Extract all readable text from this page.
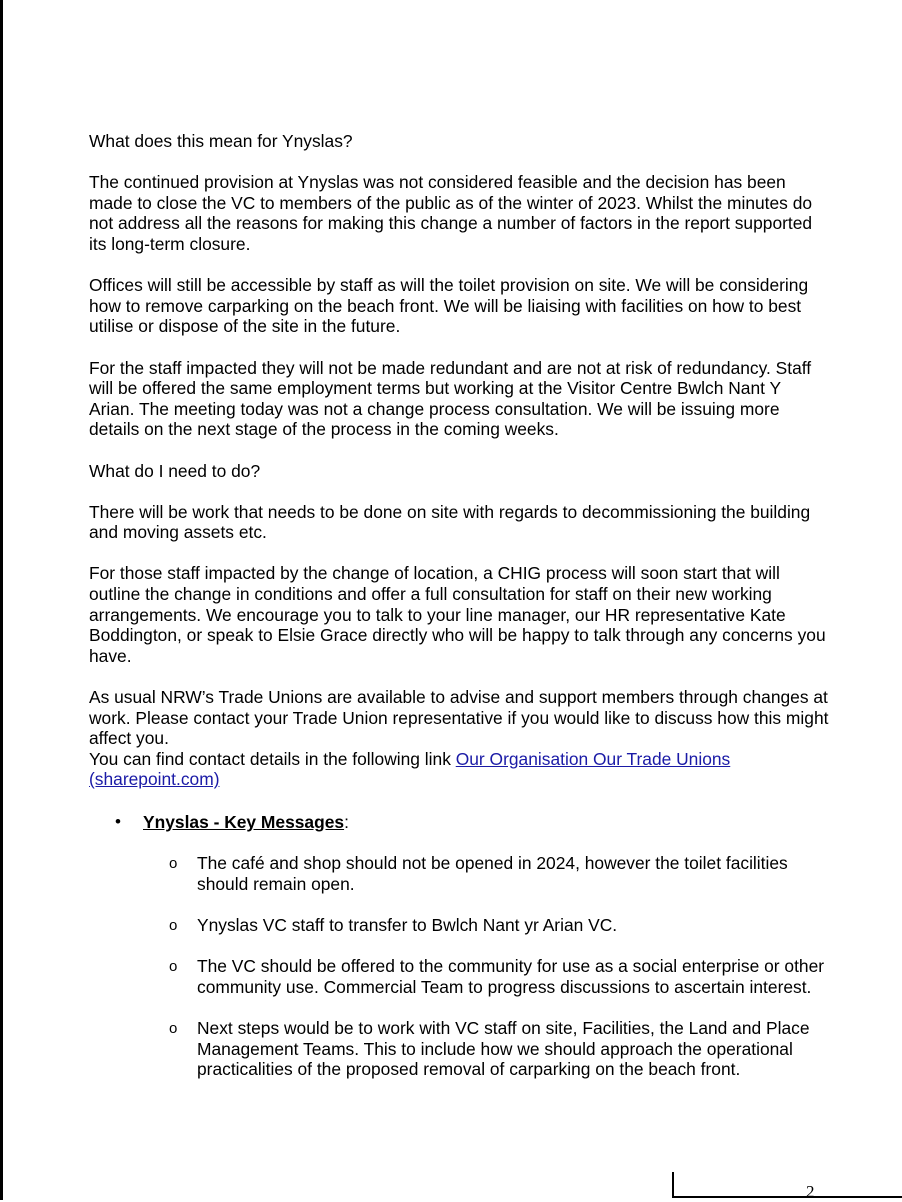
What does this mean for Ynyslas?

The continued provision at Ynyslas was not considered feasible and the decision has been made to close the VC to members of the public as of the winter of 2023. Whilst the minutes do not address all the reasons for making this change a number of factors in the report supported its long-term closure.

Offices will still be accessible by staff as will the toilet provision on site. We will be considering how to remove carparking on the beach front. We will be liaising with facilities on how to best utilise or dispose of the site in the future.

For the staff impacted they will not be made redundant and are not at risk of redundancy. Staff will be offered the same employment terms but working at the Visitor Centre Bwlch Nant Y Arian. The meeting today was not a change process consultation. We will be issuing more details on the next stage of the process in the coming weeks.

What do I need to do?

There will be work that needs to be done on site with regards to decommissioning the building and moving assets etc.

For those staff impacted by the change of location, a CHIG process will soon start that will outline the change in conditions and offer a full consultation for staff on their new working arrangements. We encourage you to talk to your line manager, our HR representative Kate Boddington, or speak to Elsie Grace directly who will be happy to talk through any concerns you have.

As usual NRW’s Trade Unions are available to advise and support members through changes at work. Please contact your Trade Union representative if you would like to discuss how this might affect you.
You can find contact details in the following link Our Organisation Our Trade Unions (sharepoint.com)

• Ynyslas - Key Messages:
o The café and shop should not be opened in 2024, however the toilet facilities should remain open.
o Ynyslas VC staff to transfer to Bwlch Nant yr Arian VC.
o The VC should be offered to the community for use as a social enterprise or other community use. Commercial Team to progress discussions to ascertain interest.
o Next steps would be to work with VC staff on site, Facilities, the Land and Place Management Teams. This to include how we should approach the operational practicalities of the proposed removal of carparking on the beach front.
2
